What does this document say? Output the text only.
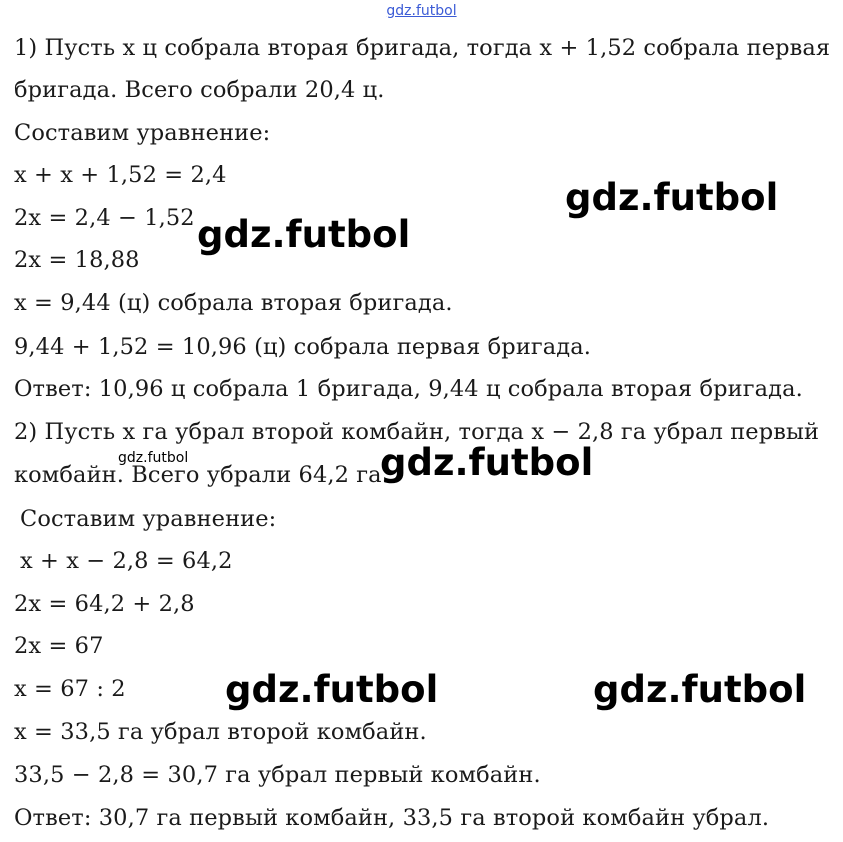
gdz.futbol
1) Пусть x ц собрала вторая бригада, тогда x + 1,52 собрала первая
бригада. Всего собрали 20,4 ц.
Составим уравнение:
x + x + 1,52 = 2,4
2x = 2,4 − 1,52
2x = 18,88
x = 9,44 (ц) собрала вторая бригада.
9,44 + 1,52 = 10,96 (ц) собрала первая бригада.
Ответ: 10,96 ц собрала 1 бригада, 9,44 ц собрала вторая бригада.
2) Пусть x га убрал второй комбайн, тогда x − 2,8 га убрал первый
комбайн. Всего убрали 64,2 га.
Составим уравнение:
x + x − 2,8 = 64,2
2x = 64,2 + 2,8
2x = 67
x = 67 : 2
x = 33,5 га убрал второй комбайн.
33,5 − 2,8 = 30,7 га убрал первый комбайн.
Ответ: 30,7 га первый комбайн, 33,5 га второй комбайн убрал.
gdz.futbol
gdz.futbol
gdz.futbol
gdz.futbol	gdz.futbol
gdz.futbol
